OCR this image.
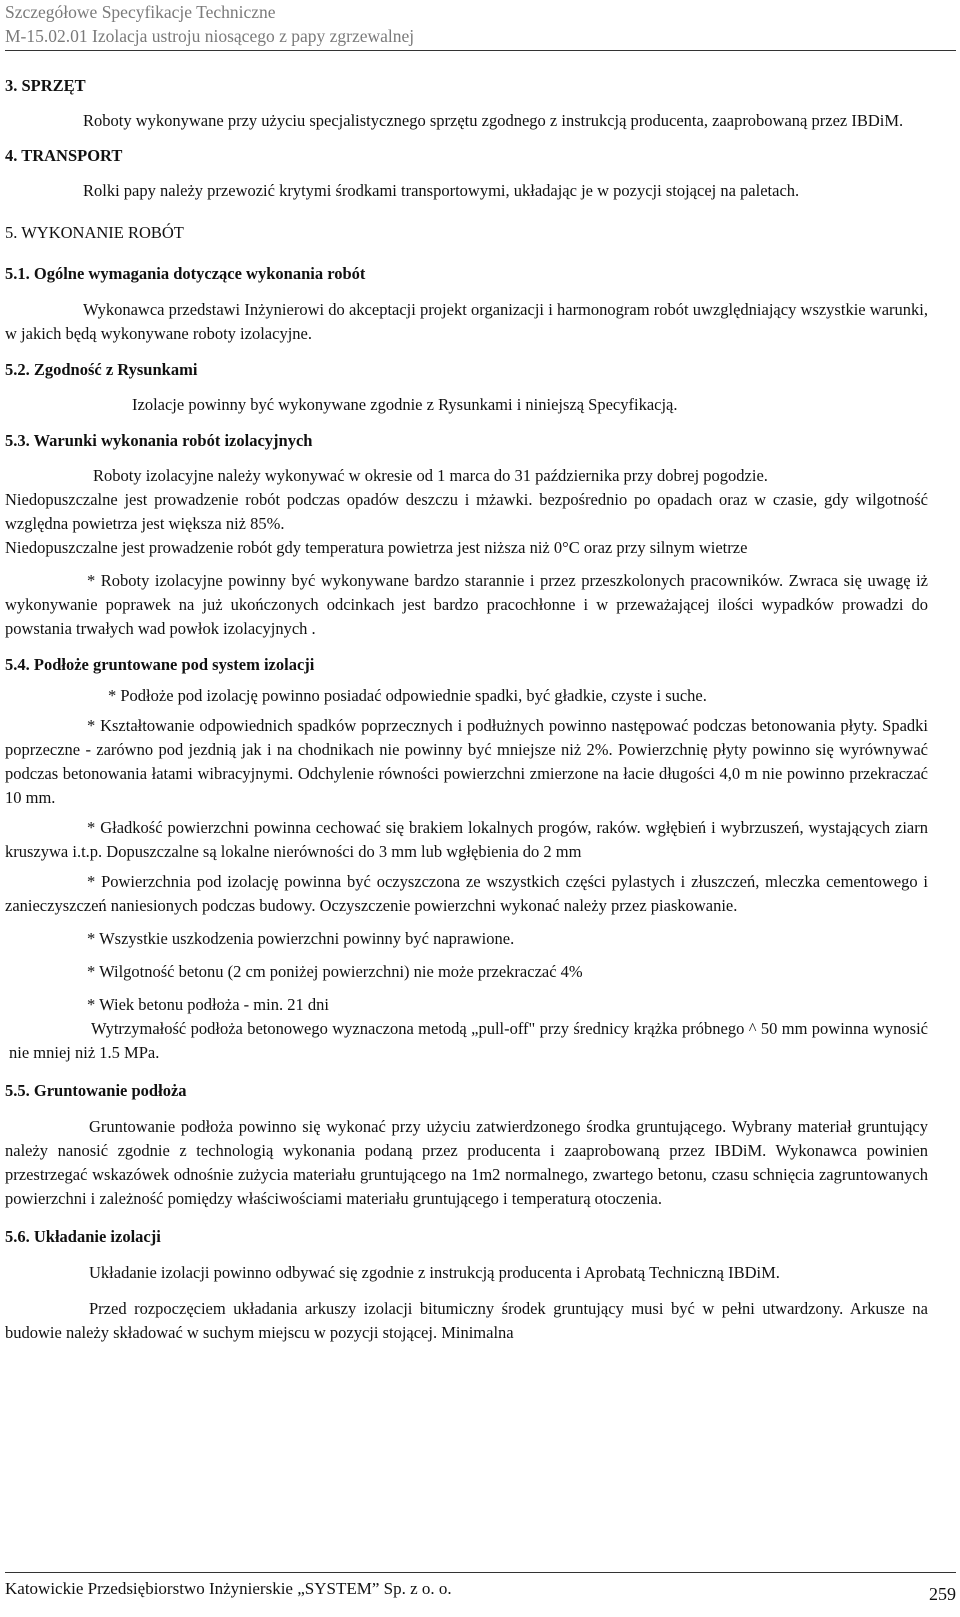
Szczegółowe Specyfikacje Techniczne
M-15.02.01 Izolacja ustroju niosącego z papy zgrzewalnej
3. SPRZĘT
Roboty wykonywane przy użyciu specjalistycznego sprzętu zgodnego z instrukcją producenta, zaaprobowaną przez IBDiM.
4. TRANSPORT
Rolki papy należy przewozić krytymi środkami transportowymi, układając je w pozycji stojącej na paletach.
5. WYKONANIE ROBÓT
5.1. Ogólne wymagania dotyczące wykonania robót
Wykonawca przedstawi Inżynierowi do akceptacji projekt organizacji i harmonogram robót uwzględniający wszystkie warunki, w jakich będą wykonywane roboty izolacyjne.
5.2. Zgodność z Rysunkami
Izolacje powinny być wykonywane zgodnie z Rysunkami i niniejszą Specyfikacją.
5.3. Warunki wykonania robót izolacyjnych
Roboty izolacyjne należy wykonywać w okresie od 1 marca do 31 października przy dobrej pogodzie.
Niedopuszczalne jest prowadzenie robót podczas opadów deszczu i mżawki. bezpośrednio po opadach oraz w czasie, gdy wilgotność względna powietrza jest większa niż 85%.
Niedopuszczalne jest prowadzenie robót gdy temperatura powietrza jest niższa niż 0°C oraz przy silnym wietrze
* Roboty izolacyjne powinny być wykonywane bardzo starannie i przez przeszkolonych pracowników. Zwraca się uwagę iż wykonywanie poprawek na już ukończonych odcinkach jest bardzo pracochłonne i w przeważającej ilości wypadków prowadzi do powstania trwałych wad powłok izolacyjnych .
5.4. Podłoże gruntowane pod system izolacji
* Podłoże pod izolację powinno posiadać odpowiednie spadki, być gładkie, czyste i suche.
* Kształtowanie odpowiednich spadków poprzecznych i podłużnych powinno następować podczas betonowania płyty. Spadki poprzeczne - zarówno pod jezdnią jak i na chodnikach nie powinny być mniejsze niż 2%. Powierzchnię płyty powinno się wyrównywać podczas betonowania łatami wibracyjnymi. Odchylenie równości powierzchni zmierzone na łacie długości 4,0 m nie powinno przekraczać 10 mm.
* Gładkość powierzchni powinna cechować się brakiem lokalnych progów, raków. wgłębień i wybrzuszeń, wystających ziarn kruszywa i.t.p. Dopuszczalne są lokalne nierówności do 3 mm lub wgłębienia do 2 mm
* Powierzchnia pod izolację powinna być oczyszczona ze wszystkich części pylastych i złuszczeń, mleczka cementowego i zanieczyszczeń naniesionych podczas budowy. Oczyszczenie powierzchni wykonać należy przez piaskowanie.
* Wszystkie uszkodzenia powierzchni powinny być naprawione.
* Wilgotność betonu (2 cm poniżej powierzchni) nie może przekraczać 4%
* Wiek betonu podłoża - min. 21 dni
Wytrzymałość podłoża betonowego wyznaczona metodą „pull-off" przy średnicy krążka próbnego ^ 50 mm powinna wynosić nie mniej niż 1.5 MPa.
5.5. Gruntowanie podłoża
Gruntowanie podłoża powinno się wykonać przy użyciu zatwierdzonego środka gruntującego. Wybrany materiał gruntujący należy nanosić zgodnie z technologią wykonania podaną przez producenta i zaaprobowaną przez IBDiM. Wykonawca powinien przestrzegać wskazówek odnośnie zużycia materiału gruntującego na 1m2 normalnego, zwartego betonu, czasu schnięcia zagruntowanych powierzchni i zależność pomiędzy właściwościami materiału gruntującego i temperaturą otoczenia.
5.6. Układanie izolacji
Układanie izolacji powinno odbywać się zgodnie z instrukcją producenta i Aprobatą Techniczną IBDiM.
Przed rozpoczęciem układania arkuszy izolacji bitumiczny środek gruntujący musi być w pełni utwardzony. Arkusze na budowie należy składować w suchym miejscu w pozycji stojącej. Minimalna
Katowickie Przedsiębiorstwo Inżynierskie „SYSTEM” Sp. z o. o.	259
